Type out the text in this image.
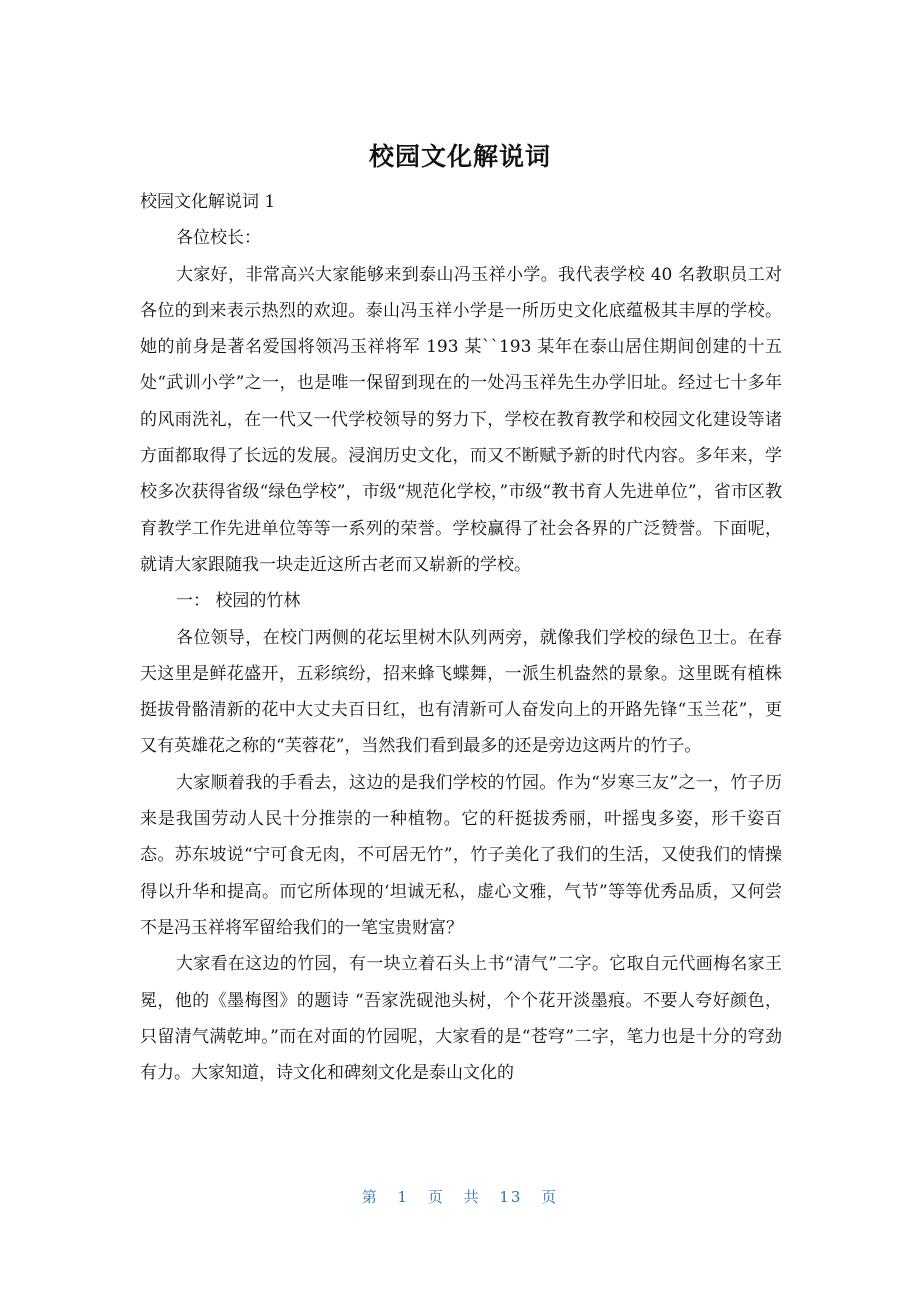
校园文化解说词

校园文化解说词 1

各位校长：

大家好，非常高兴大家能够来到泰山冯玉祥小学。我代表学校 40 名教职员工对各位的到来表示热烈的欢迎。泰山冯玉祥小学是一所历史文化底蕴极其丰厚的学校。她的前身是著名爱国将领冯玉祥将军 193 某``193 某年在泰山居住期间创建的十五处“武训小学”之一，也是唯一保留到现在的一处冯玉祥先生办学旧址。经过七十多年的风雨洗礼，在一代又一代学校领导的努力下，学校在教育教学和校园文化建设等诸方面都取得了长远的发展。浸润历史文化，而又不断赋予新的时代内容。多年来，学校多次获得省级“绿色学校”，市级“规范化学校，”市级“教书育人先进单位”，省市区教育教学工作先进单位等等一系列的荣誉。学校赢得了社会各界的广泛赞誉。下面呢，就请大家跟随我一块走近这所古老而又崭新的学校。

一： 校园的竹林

各位领导，在校门两侧的花坛里树木队列两旁，就像我们学校的绿色卫士。在春天这里是鲜花盛开，五彩缤纷，招来蜂飞蝶舞，一派生机盎然的景象。这里既有植株挺拔骨骼清新的花中大丈夫百日红，也有清新可人奋发向上的开路先锋“玉兰花”，更又有英雄花之称的“芙蓉花”，当然我们看到最多的还是旁边这两片的竹子。

大家顺着我的手看去，这边的是我们学校的竹园。作为“岁寒三友”之一，竹子历来是我国劳动人民十分推崇的一种植物。它的秆挺拔秀丽，叶摇曳多姿，形千姿百态。苏东坡说“宁可食无肉，不可居无竹”，竹子美化了我们的生活，又使我们的情操得以升华和提高。而它所体现的‘坦诚无私，虚心文雅，气节”等等优秀品质，又何尝不是冯玉祥将军留给我们的一笔宝贵财富？

大家看在这边的竹园，有一块立着石头上书“清气”二字。它取自元代画梅名家王冕，他的《墨梅图》的题诗 “吾家洗砚池头树，个个花开淡墨痕。不要人夸好颜色，只留清气满乾坤。”而在对面的竹园呢，大家看的是“苍穹”二字，笔力也是十分的穹劲有力。大家知道，诗文化和碑刻文化是泰山文化的

第 1 页 共 13 页
